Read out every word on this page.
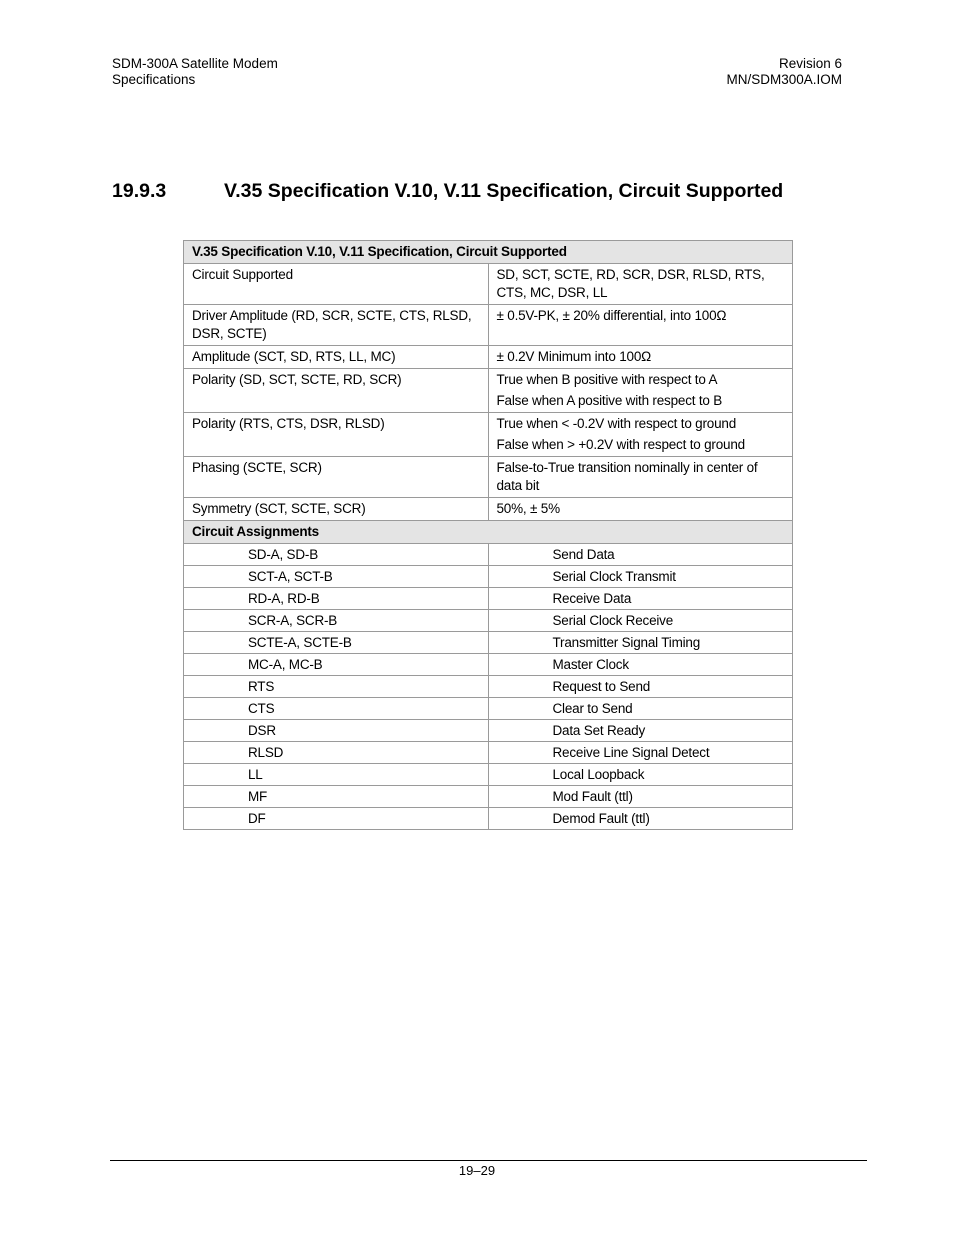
SDM-300A Satellite Modem
Specifications
Revision 6
MN/SDM300A.IOM
19.9.3	V.35 Specification V.10, V.11 Specification, Circuit Supported
V.35 Specification V.10, V.11 Specification, Circuit Supported	
Circuit Supported	SD, SCT, SCTE, RD, SCR, DSR, RLSD, RTS, CTS, MC, DSR, LL

Driver Amplitude (RD, SCR, SCTE, CTS, RLSD, DSR, SCTE)	± 0.5V-PK, ± 20% differential, into 100Ω

Amplitude (SCT, SD, RTS, LL, MC)	± 0.2V Minimum into 100Ω

Polarity (SD, SCT, SCTE, RD, SCR)	True when B positive with respect to A
False when A positive with respect to B

Polarity (RTS, CTS, DSR, RLSD)	True when < -0.2V with respect to ground
False when > +0.2V with respect to ground

Phasing (SCTE, SCR)	False-to-True transition nominally in center of data bit

Symmetry (SCT, SCTE, SCR)	50%, ± 5%

Circuit Assignments	
SD-A, SD-B	Send Data
SCT-A, SCT-B	Serial Clock Transmit
RD-A, RD-B	Receive Data
SCR-A, SCR-B	Serial Clock Receive
SCTE-A, SCTE-B	Transmitter Signal Timing
MC-A, MC-B	Master Clock
RTS	Request to Send
CTS	Clear to Send
DSR	Data Set Ready
RLSD	Receive Line Signal Detect
LL	Local Loopback
MF	Mod Fault (ttl)
DF	Demod Fault (ttl)
19–29
